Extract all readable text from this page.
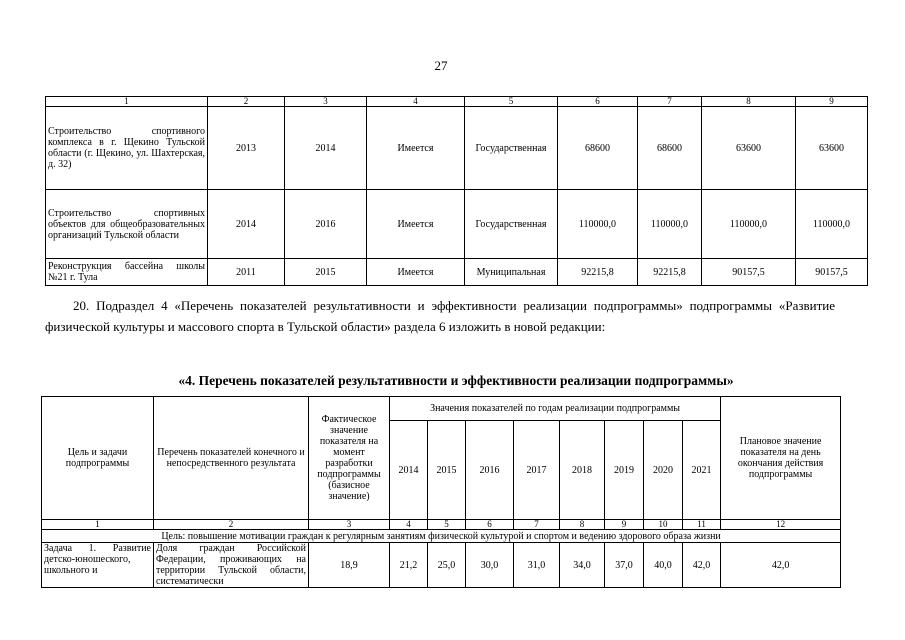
27
1	2	3	4	5	6	7	8	9
Строительство спортивного комплекса в г. Щекино Тульской области (г. Щекино, ул. Шахтерская, д. 32)	2013	2014	Имеется	Государственная	68600	68600	63600	63600
Строительство спортивных объектов для общеобразовательных организаций Тульской области	2014	2016	Имеется	Государственная	110000,0	110000,0	110000,0	110000,0
Реконструкция бассейна школы №21 г. Тула	2011	2015	Имеется	Муниципальная	92215,8	92215,8	90157,5	90157,5
20. Подраздел 4 «Перечень показателей результативности и эффективности реализации подпрограммы» подпрограммы «Развитие физической культуры и массового спорта в Тульской области» раздела 6 изложить в новой редакции:
«4. Перечень показателей результативности и эффективности реализации подпрограммы»
Цель и задачи подпрограммы	Перечень показателей конечного и непосредственного результата	Фактическое значение показателя на момент разработки подпрограммы (базисное значение)	Значения показателей по годам реализации подпрограммы								Плановое значение показателя на день окончания действия подпрограммы
			2014	2015	2016	2017	2018	2019	2020	2021	
1	2	3	4	5	6	7	8	9	10	11	12
Цель: повышение мотивации граждан к регулярным занятиям физической культурой и спортом и ведению здорового образа жизни											
Задача 1. Развитие детско-юношеского, школьного и	Доля граждан Российской Федерации, проживающих на территории Тульской области, систематически	18,9	21,2	25,0	30,0	31,0	34,0	37,0	40,0	42,0	42,0
